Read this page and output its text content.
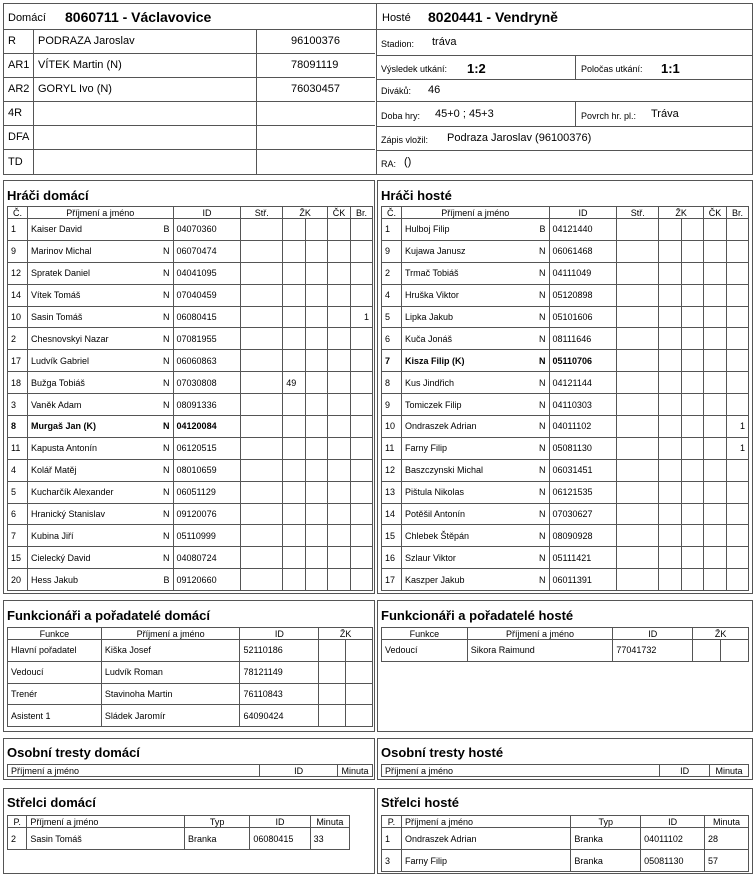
Domácí 8060711 - Václavovice	Hosté 8020441 - Vendryně
R PODRAZA Jaroslav	96100376
AR1 VÍTEK Martin (N)	78091119
AR2 GORYL Ivo (N)	76030457
4R
DFA
TD
Stadion: tráva
Výsledek utkání: 1:2	Poločas utkání: 1:1
Diváků: 46
Doba hry: 45+0 ; 45+3	Povrch hr. pl.: Tráva
Zápis vložil: Podraza Jaroslav (96100376)
RA: ()
Hráči domácí
Č.	Příjmení a jméno	ID	Stř.	ŽK		ČK	Br.
1	Kaiser David B	04070360					
9	Marinov Michal N	06070474					
12	Spratek Daniel N	04041095					
14	Vítek Tomáš N	07040459					
10	Sasin Tomáš N	06080415					1
2	Chesnovskyi Nazar N	07081955					
17	Ludvík Gabriel N	06060863					
18	Bužga Tobiáš N	07030808		49			
3	Vaněk Adam N	08091336					
8	Murgaš Jan (K) N	04120084					
11	Kapusta Antonín N	06120515					
4	Kolář Matěj N	08010659					
5	Kucharčík Alexander N	06051129					
6	Hranický Stanislav N	09120076					
7	Kubina Jiří N	05110999					
15	Cielecký David N	04080724					
20	Hess Jakub B	09120660					
Hráči hosté
Č.	Příjmení a jméno	ID	Stř.	ŽK		ČK	Br.
1	Hulboj Filip B	04121440					
9	Kujawa Janusz N	06061468					
2	Trmač Tobiáš N	04111049					
4	Hruška Viktor N	05120898					
5	Lipka Jakub N	05101606					
6	Kuča Jonáš N	08111646					
7	Kisza Filip (K) N	05110706					
8	Kus Jindřich N	04121144					
9	Tomiczek Filip N	04110303					
10	Ondraszek Adrian N	04011102					1
11	Farny Filip N	05081130					1
12	Baszczynski Michal N	06031451					
13	Pištula Nikolas N	06121535					
14	Potěšil Antonín N	07030627					
15	Chlebek Štěpán N	08090928					
16	Szlaur Viktor N	05111421					
17	Kaszper Jakub N	06011391					
Funkcionáři a pořadatelé domácí
Funkce	Příjmení a jméno	ID	ŽK	
Hlavní pořadatel	Kiška Josef	52110186		
Vedoucí	Ludvík Roman	78121149		
Trenér	Stavinoha Martin	76110843		
Asistent 1	Sládek Jaromír	64090424		
Funkcionáři a pořadatelé hosté
Funkce	Příjmení a jméno	ID	ŽK	
Vedoucí	Sikora Raimund	77041732		
Osobní tresty domácí
Příjmení a jméno	ID	Minuta
Osobní tresty hosté
Příjmení a jméno	ID	Minuta
Střelci domácí
P.	Příjmení a jméno	Typ	ID	Minuta
2	Sasin Tomáš	Branka	06080415	33
Střelci hosté
P.	Příjmení a jméno	Typ	ID	Minuta
1	Ondraszek Adrian	Branka	04011102	28
3	Farny Filip	Branka	05081130	57
